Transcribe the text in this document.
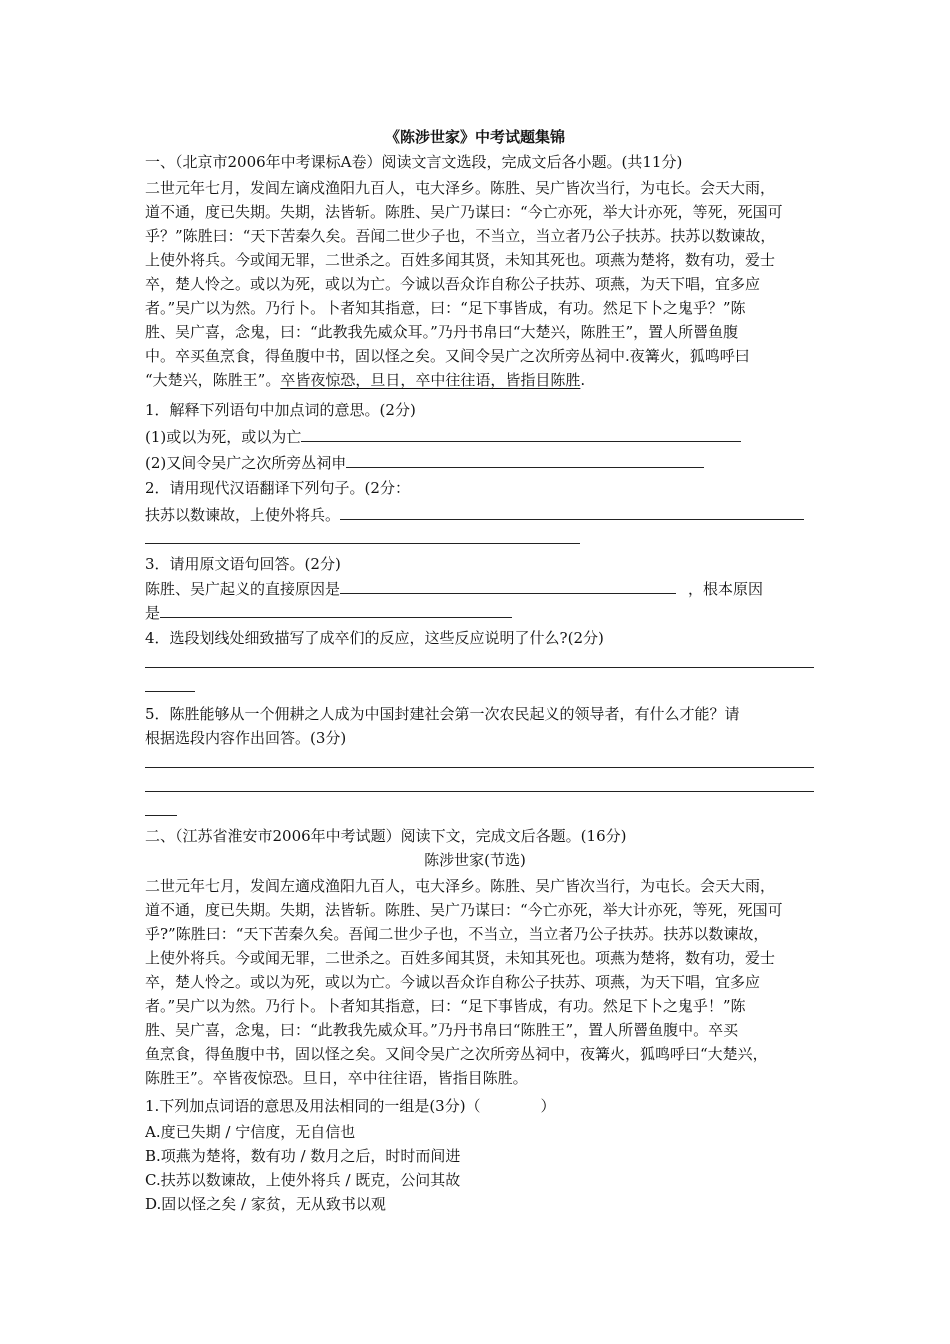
《陈涉世家》中考试题集锦
一、（北京市2006年中考课标A卷）阅读文言文选段，完成文后各小题。(共11分)
二世元年七月，发闾左谪戍渔阳九百人，屯大泽乡。陈胜、吴广皆次当行，为屯长。会天大雨，
道不通，度已失期。失期，法皆斩。陈胜、吴广乃谋曰：“今亡亦死，举大计亦死，等死，死国可
乎？”陈胜曰：“天下苦秦久矣。吾闻二世少子也，不当立，当立者乃公子扶苏。扶苏以数谏故，
上使外将兵。今或闻无罪，二世杀之。百姓多闻其贤，未知其死也。项燕为楚将，数有功，爱士
卒，楚人怜之。或以为死，或以为亡。今诚以吾众诈自称公子扶苏、项燕，为天下唱，宜多应
者。”吴广以为然。乃行卜。卜者知其指意，曰：“足下事皆成，有功。然足下卜之鬼乎？”陈
胜、吴广喜，念鬼，曰：“此教我先威众耳。”乃丹书帛曰“大楚兴，陈胜王”，置人所罾鱼腹
中。卒买鱼烹食，得鱼腹中书，固以怪之矣。又间令吴广之次所旁丛祠中.夜篝火，狐鸣呼曰
“大楚兴，陈胜王”。卒皆夜惊恐，旦日，卒中往往语，皆指目陈胜.
1．解释下列语句中加点词的意思。(2分)
(1)或以为死，或以为亡
(2)又间令吴广之次所旁丛祠申
2．请用现代汉语翻译下列句子。(2分：
扶苏以数谏故，上使外将兵。
3．请用原文语句回答。(2分)
陈胜、吴广起义的直接原因是	，根本原因
是
4．选段划线处细致描写了成卒们的反应，这些反应说明了什么?(2分)
5．陈胜能够从一个佣耕之人成为中国封建社会第一次农民起义的领导者，有什么才能？请
根据选段内容作出回答。(3分)
二、（江苏省淮安市2006年中考试题）阅读下文，完成文后各题。(16分)
陈涉世家(节选)
二世元年七月，发闾左適戍渔阳九百人，屯大泽乡。陈胜、吴广皆次当行，为屯长。会天大雨，
道不通，度已失期。失期，法皆斩。陈胜、吴广乃谋曰：“今亡亦死，举大计亦死，等死，死国可
乎?”陈胜曰：“天下苦秦久矣。吾闻二世少子也，不当立，当立者乃公子扶苏。扶苏以数谏故，
上使外将兵。今或闻无罪，二世杀之。百姓多闻其贤，未知其死也。项燕为楚将，数有功，爱士
卒，楚人怜之。或以为死，或以为亡。今诚以吾众诈自称公子扶苏、项燕，为天下唱，宜多应
者。”吴广以为然。乃行卜。卜者知其指意，曰：“足下事皆成，有功。然足下卜之鬼乎！”陈
胜、吴广喜，念鬼，曰：“此教我先威众耳。”乃丹书帛曰“陈胜王”，置人所罾鱼腹中。卒买
鱼烹食，得鱼腹中书，固以怪之矣。又间令吴广之次所旁丛祠中，夜篝火，狐鸣呼曰“大楚兴，
陈胜王”。卒皆夜惊恐。旦日，卒中往往语，皆指目陈胜。
1.下列加点词语的意思及用法相同的一组是(3分)（　　　　）
A.度已失期 / 宁信度，无自信也
B.项燕为楚将，数有功 / 数月之后，时时而间进
C.扶苏以数谏故，上使外将兵 / 既克，公问其故
D.固以怪之矣 / 家贫，无从致书以观
